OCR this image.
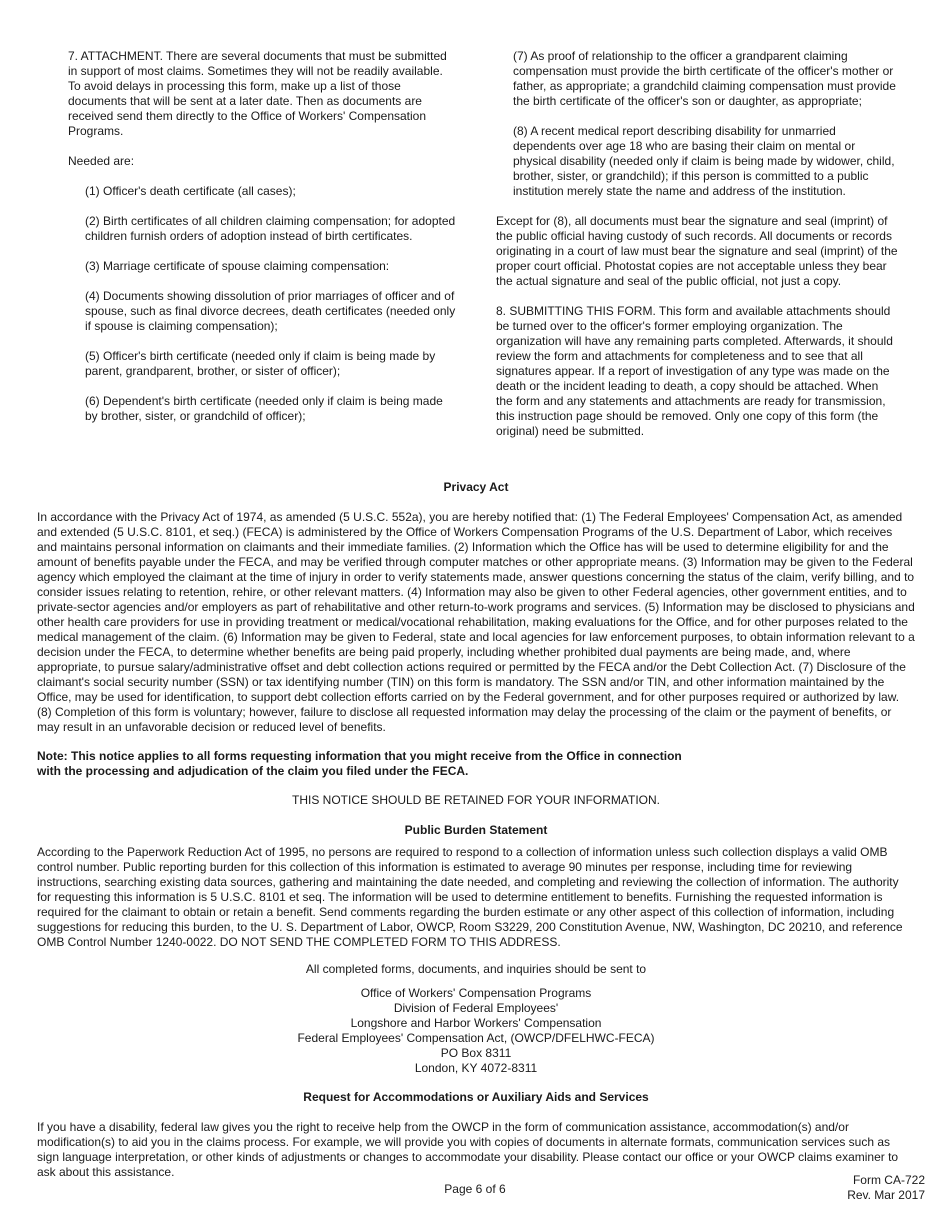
7. ATTACHMENT. There are several documents that must be submitted in support of most claims. Sometimes they will not be readily available. To avoid delays in processing this form, make up a list of those documents that will be sent at a later date. Then as documents are received send them directly to the Office of Workers' Compensation Programs.

Needed are:

(1) Officer's death certificate (all cases);

(2) Birth certificates of all children claiming compensation; for adopted children furnish orders of adoption instead of birth certificates.

(3) Marriage certificate of spouse claiming compensation:

(4) Documents showing dissolution of prior marriages of officer and of spouse, such as final divorce decrees, death certificates (needed only if spouse is claiming compensation);

(5) Officer's birth certificate (needed only if claim is being made by parent, grandparent, brother, or sister of officer);

(6) Dependent's birth certificate (needed only if claim is being made by brother, sister, or grandchild of officer);

(7) As proof of relationship to the officer a grandparent claiming compensation must provide the birth certificate of the officer's mother or father, as appropriate; a grandchild claiming compensation must provide the birth certificate of the officer's son or daughter, as appropriate;

(8) A recent medical report describing disability for unmarried dependents over age 18 who are basing their claim on mental or physical disability (needed only if claim is being made by widower, child, brother, sister, or grandchild); if this person is committed to a public institution merely state the name and address of the institution.

Except for (8), all documents must bear the signature and seal (imprint) of the public official having custody of such records. All documents or records originating in a court of law must bear the signature and seal (imprint) of the proper court official. Photostat copies are not acceptable unless they bear the actual signature and seal of the public official, not just a copy.

8. SUBMITTING THIS FORM. This form and available attachments should be turned over to the officer's former employing organization. The organization will have any remaining parts completed. Afterwards, it should review the form and attachments for completeness and to see that all signatures appear. If a report of investigation of any type was made on the death or the incident leading to death, a copy should be attached. When the form and any statements and attachments are ready for transmission, this instruction page should be removed. Only one copy of this form (the original) need be submitted.

Privacy Act
In accordance with the Privacy Act of 1974, as amended (5 U.S.C. 552a), you are hereby notified that: (1) The Federal Employees' Compensation Act, as amended and extended (5 U.S.C. 8101, et seq.) (FECA) is administered by the Office of Workers Compensation Programs of the U.S. Department of Labor, which receives and maintains personal information on claimants and their immediate families. (2) Information which the Office has will be used to determine eligibility for and the amount of benefits payable under the FECA, and may be verified through computer matches or other appropriate means. (3) Information may be given to the Federal agency which employed the claimant at the time of injury in order to verify statements made, answer questions concerning the status of the claim, verify billing, and to consider issues relating to retention, rehire, or other relevant matters. (4) Information may also be given to other Federal agencies, other government entities, and to private-sector agencies and/or employers as part of rehabilitative and other return-to-work programs and services. (5) Information may be disclosed to physicians and other health care providers for use in providing treatment or medical/vocational rehabilitation, making evaluations for the Office, and for other purposes related to the medical management of the claim. (6) Information may be given to Federal, state and local agencies for law enforcement purposes, to obtain information relevant to a decision under the FECA, to determine whether benefits are being paid properly, including whether prohibited dual payments are being made, and, where appropriate, to pursue salary/administrative offset and debt collection actions required or permitted by the FECA and/or the Debt Collection Act. (7) Disclosure of the claimant's social security number (SSN) or tax identifying number (TIN) on this form is mandatory. The SSN and/or TIN, and other information maintained by the Office, may be used for identification, to support debt collection efforts carried on by the Federal government, and for other purposes required or authorized by law. (8) Completion of this form is voluntary; however, failure to disclose all requested information may delay the processing of the claim or the payment of benefits, or may result in an unfavorable decision or reduced level of benefits.
Note: This notice applies to all forms requesting information that you might receive from the Office in connection
with the processing and adjudication of the claim you filed under the FECA.
THIS NOTICE SHOULD BE RETAINED FOR YOUR INFORMATION.
Public Burden Statement
According to the Paperwork Reduction Act of 1995, no persons are required to respond to a collection of information unless such collection displays a valid OMB control number. Public reporting burden for this collection of this information is estimated to average 90 minutes per response, including time for reviewing instructions, searching existing data sources, gathering and maintaining the date needed, and completing and reviewing the collection of information. The authority for requesting this information is 5 U.S.C. 8101 et seq. The information will be used to determine entitlement to benefits. Furnishing the requested information is required for the claimant to obtain or retain a benefit. Send comments regarding the burden estimate or any other aspect of this collection of information, including suggestions for reducing this burden, to the U. S. Department of Labor, OWCP, Room S3229, 200 Constitution Avenue, NW, Washington, DC 20210, and reference OMB Control Number 1240-0022. DO NOT SEND THE COMPLETED FORM TO THIS ADDRESS.
All completed forms, documents, and inquiries should be sent to
Office of Workers' Compensation Programs
Division of Federal Employees'
Longshore and Harbor Workers' Compensation
Federal Employees' Compensation Act, (OWCP/DFELHWC-FECA)
PO Box 8311
London, KY 4072-8311
Request for Accommodations or Auxiliary Aids and Services
If you have a disability, federal law gives you the right to receive help from the OWCP in the form of communication assistance, accommodation(s) and/or modification(s) to aid you in the claims process. For example, we will provide you with copies of documents in alternate formats, communication services such as sign language interpretation, or other kinds of adjustments or changes to accommodate your disability. Please contact our office or your OWCP claims examiner to ask about this assistance.
Page 6 of 6
Form CA-722
Rev. Mar 2017
